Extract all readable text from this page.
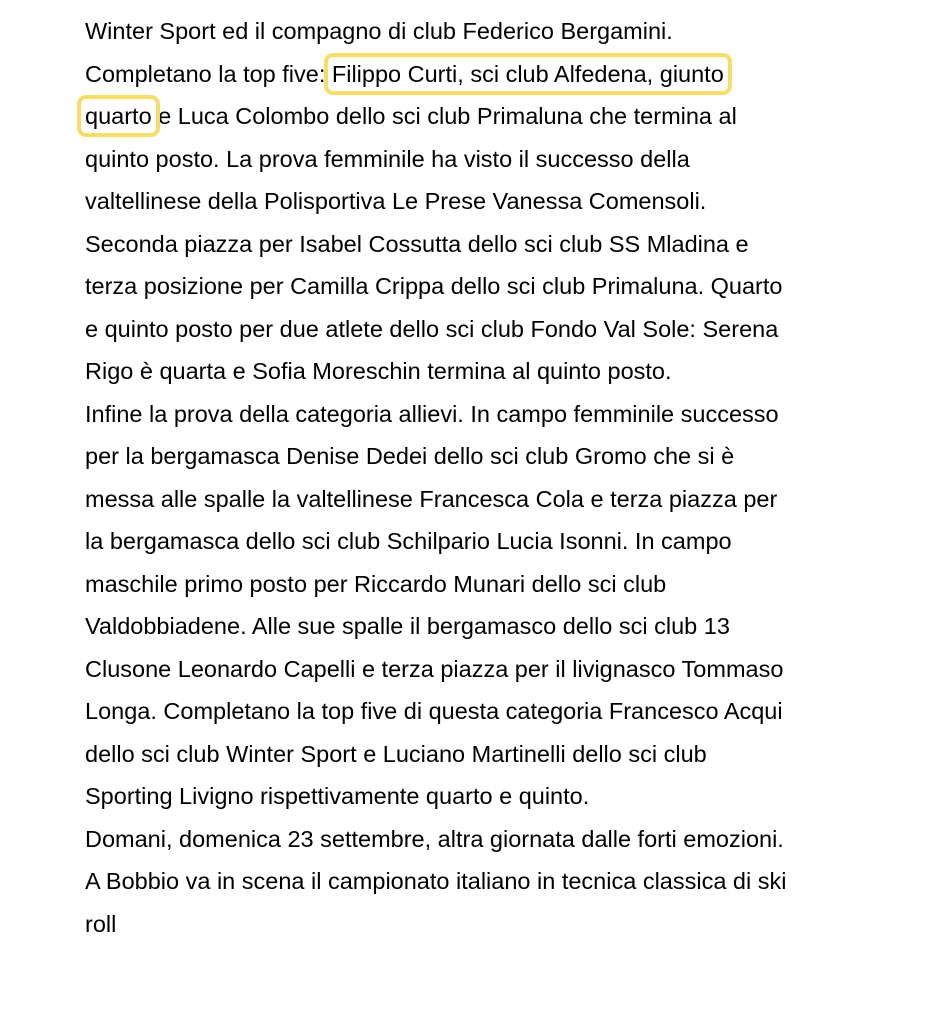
Winter Sport ed il compagno di club Federico Bergamini.
Completano la top five: Filippo Curti, sci club Alfedena, giunto
quarto e Luca Colombo dello sci club Primaluna che termina al
quinto posto. La prova femminile ha visto il successo della
valtellinese della Polisportiva Le Prese Vanessa Comensoli.
Seconda piazza per Isabel Cossutta dello sci club SS Mladina e
terza posizione per Camilla Crippa dello sci club Primaluna. Quarto
e quinto posto per due atlete dello sci club Fondo Val Sole: Serena
Rigo è quarta e Sofia Moreschin termina al quinto posto.
Infine la prova della categoria allievi. In campo femminile successo
per la bergamasca Denise Dedei dello sci club Gromo che si è
messa alle spalle la valtellinese Francesca Cola e terza piazza per
la bergamasca dello sci club Schilpario Lucia Isonni. In campo
maschile primo posto per Riccardo Munari dello sci club
Valdobbiadene. Alle sue spalle il bergamasco dello sci club 13
Clusone Leonardo Capelli e terza piazza per il livignasco Tommaso
Longa. Completano la top five di questa categoria Francesco Acqui
dello sci club Winter Sport e Luciano Martinelli dello sci club
Sporting Livigno rispettivamente quarto e quinto.
Domani, domenica 23 settembre, altra giornata dalle forti emozioni.
A Bobbio va in scena il campionato italiano in tecnica classica di ski
roll
